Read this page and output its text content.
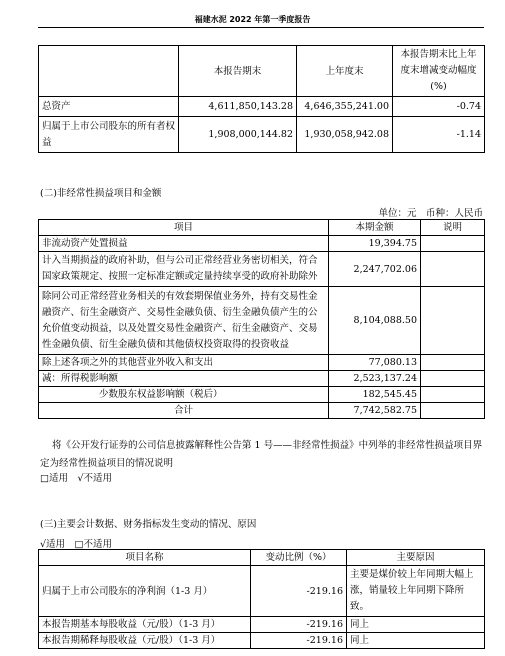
福建水泥 2022 年第一季度报告
	本报告期末	上年度末	本报告期末比上年度末增减变动幅度(%)
总资产	4,611,850,143.28	4,646,355,241.00	-0.74
归属于上市公司股东的所有者权益	1,908,000,144.82	1,930,058,942.08	-1.14
(二)非经常性损益项目和金额
单位：元　币种：人民币
项目	本期金额	说明
非流动资产处置损益	19,394.75	
计入当期损益的政府补助，但与公司正常经营业务密切相关，符合国家政策规定、按照一定标准定额或定量持续享受的政府补助除外	2,247,702.06	
除同公司正常经营业务相关的有效套期保值业务外，持有交易性金融资产、衍生金融资产、交易性金融负债、衍生金融负债产生的公允价值变动损益，以及处置交易性金融资产、衍生金融资产、交易性金融负债、衍生金融负债和其他债权投资取得的投资收益	8,104,088.50	
除上述各项之外的其他营业外收入和支出	77,080.13	
减：所得税影响额	2,523,137.24	
少数股东权益影响额（税后）	182,545.45	
合计	7,742,582.75	
将《公开发行证券的公司信息披露解释性公告第 1 号——非经常性损益》中列举的非经常性损益项目界定为经常性损益项目的情况说明
□适用　√不适用
(三)主要会计数据、财务指标发生变动的情况、原因
√适用　□不适用
项目名称	变动比例（%）	主要原因
归属于上市公司股东的净利润（1-3 月）	-219.16	主要是煤价较上年同期大幅上涨，销量较上年同期下降所致。
本报告期基本每股收益（元/股）（1-3 月）	-219.16	同上
本报告期稀释每股收益（元/股）（1-3 月）	-219.16	同上
